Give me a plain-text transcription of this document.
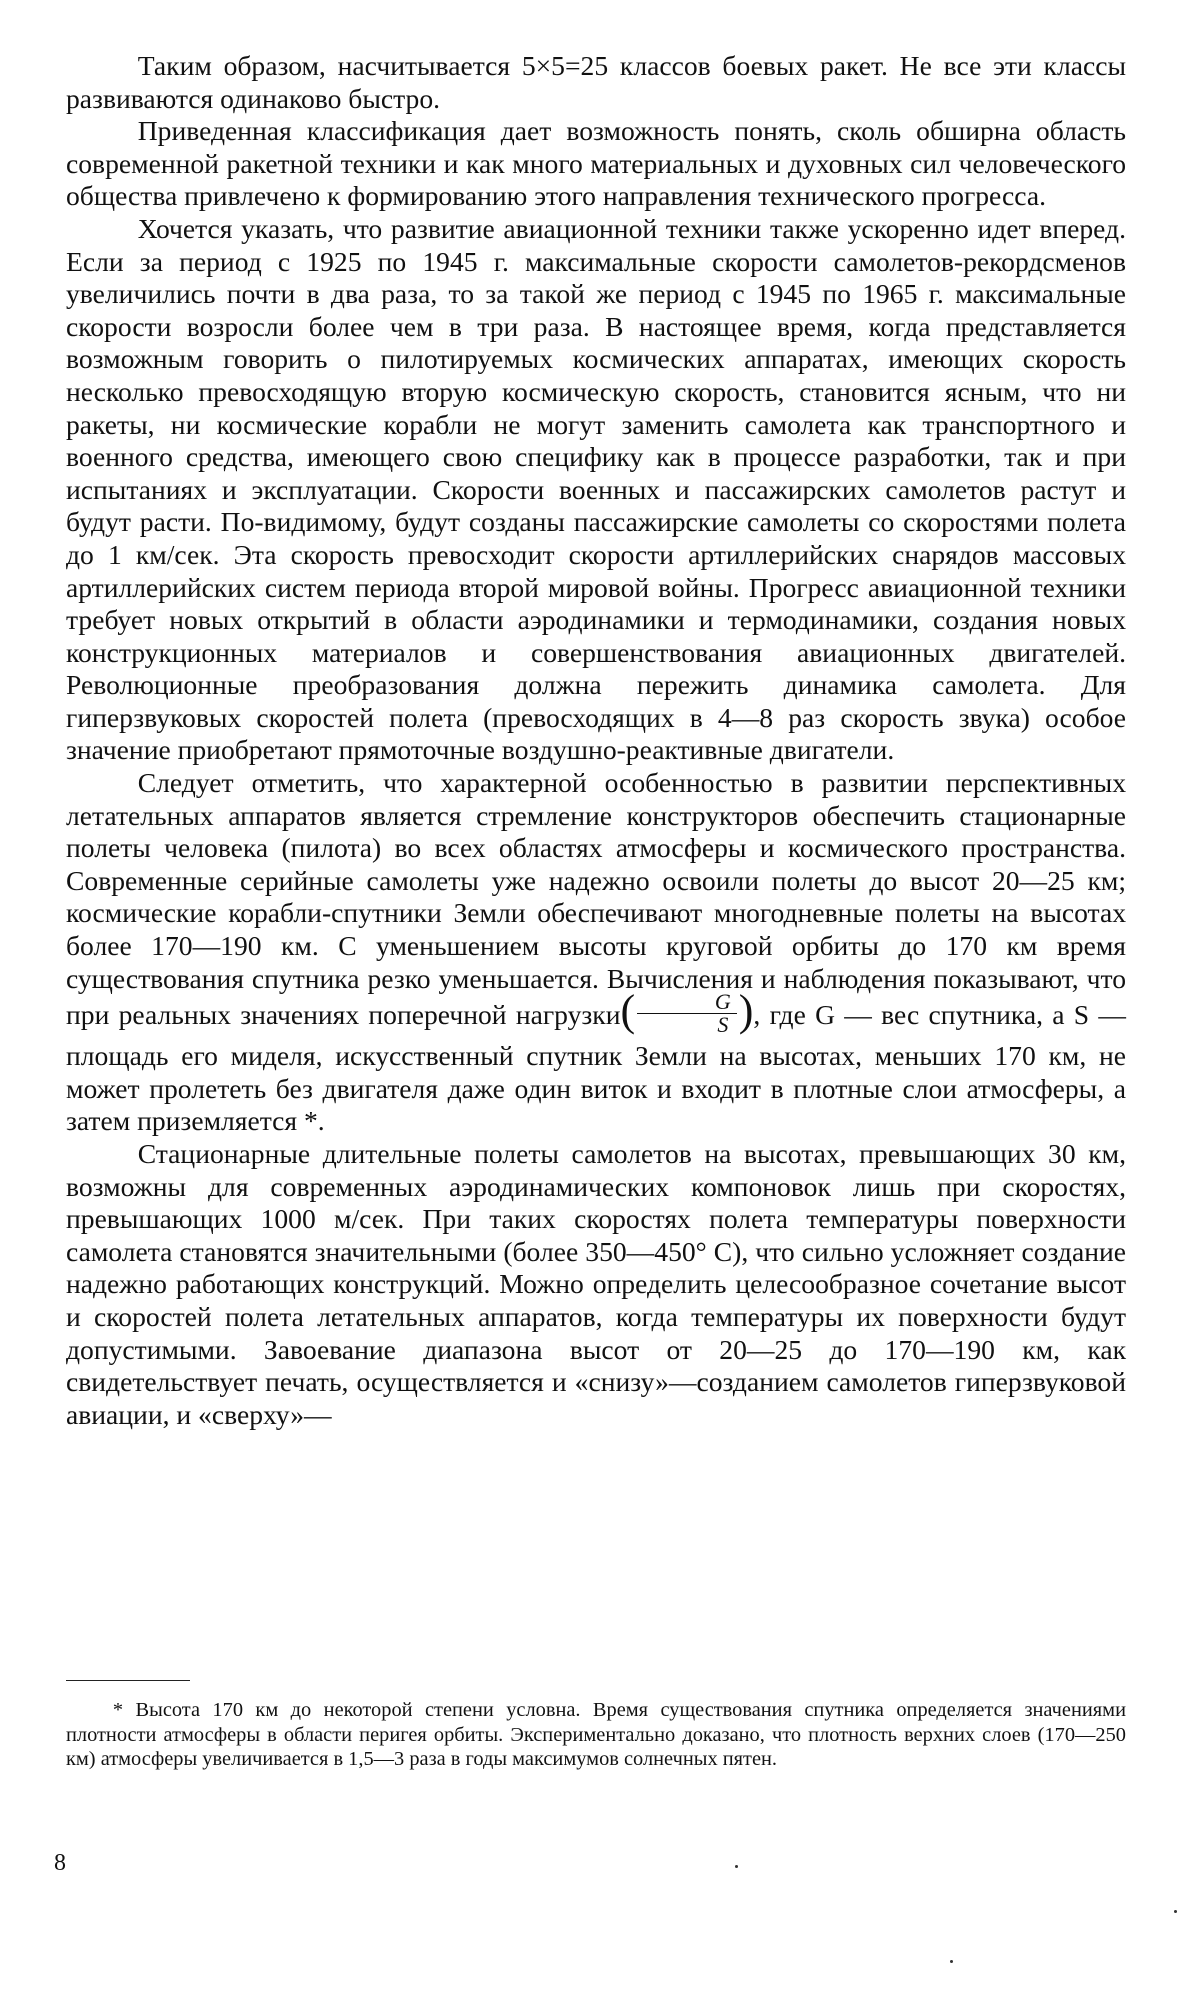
Таким образом, насчитывается 5×5=25 классов боевых ракет. Не все эти классы развиваются одинаково быстро.

Приведенная классификация дает возможность понять, сколь обширна область современной ракетной техники и как много материальных и духовных сил человеческого общества привлечено к формированию этого направления технического прогресса.

Хочется указать, что развитие авиационной техники также ускоренно идет вперед. Если за период с 1925 по 1945 г. максимальные скорости самолетов-рекордсменов увеличились почти в два раза, то за такой же период с 1945 по 1965 г. максимальные скорости возросли более чем в три раза. В настоящее время, когда представляется возможным говорить о пилотируемых космических аппаратах, имеющих скорость несколько превосходящую вторую космическую скорость, становится ясным, что ни ракеты, ни космические корабли не могут заменить самолета как транспортного и военного средства, имеющего свою специфику как в процессе разработки, так и при испытаниях и эксплуатации. Скорости военных и пассажирских самолетов растут и будут расти. По-видимому, будут созданы пассажирские самолеты со скоростями полета до 1 км/сек. Эта скорость превосходит скорости артиллерийских снарядов массовых артиллерийских систем периода второй мировой войны. Прогресс авиационной техники требует новых открытий в области аэродинамики и термодинамики, создания новых конструкционных материалов и совершенствования авиационных двигателей. Революционные преобразования должна пережить динамика самолета. Для гиперзвуковых скоростей полета (превосходящих в 4—8 раз скорость звука) особое значение приобретают прямоточные воздушно-реактивные двигатели.

Следует отметить, что характерной особенностью в развитии перспективных летательных аппаратов является стремление конструкторов обеспечить стационарные полеты человека (пилота) во всех областях атмосферы и космического пространства. Современные серийные самолеты уже надежно освоили полеты до высот 20—25 км; космические корабли-спутники Земли обеспечивают многодневные полеты на высотах более 170—190 км. С уменьшением высоты круговой орбиты до 170 км время существования спутника резко уменьшается. Вычисления и наблюдения показывают, что при реальных значениях поперечной нагрузки( $\frac{G}{S}$ ), где G — вес спутника, а S — площадь его миделя, искусственный спутник Земли на высотах, меньших 170 км, не может пролететь без двигателя даже один виток и входит в плотные слои атмосферы, а затем приземляется *.

Стационарные длительные полеты самолетов на высотах, превышающих 30 км, возможны для современных аэродинамических компоновок лишь при скоростях, превышающих 1000 м/сек. При таких скоростях полета температуры поверхности самолета становятся значительными (более 350—450° С), что сильно усложняет создание надежно работающих конструкций. Можно определить целесообразное сочетание высот и скоростей полета летательных аппаратов, когда температуры их поверхности будут допустимыми. Завоевание диапазона высот от 20—25 до 170—190 км, как свидетельствует печать, осуществляется и «снизу»—созданием самолетов гиперзвуковой авиации, и «сверху»—

* Высота 170 км до некоторой степени условна. Время существования спутника определяется значениями плотности атмосферы в области перигея орбиты. Экспериментально доказано, что плотность верхних слоев (170—250 км) атмосферы увеличивается в 1,5—3 раза в годы максимумов солнечных пятен.

8
